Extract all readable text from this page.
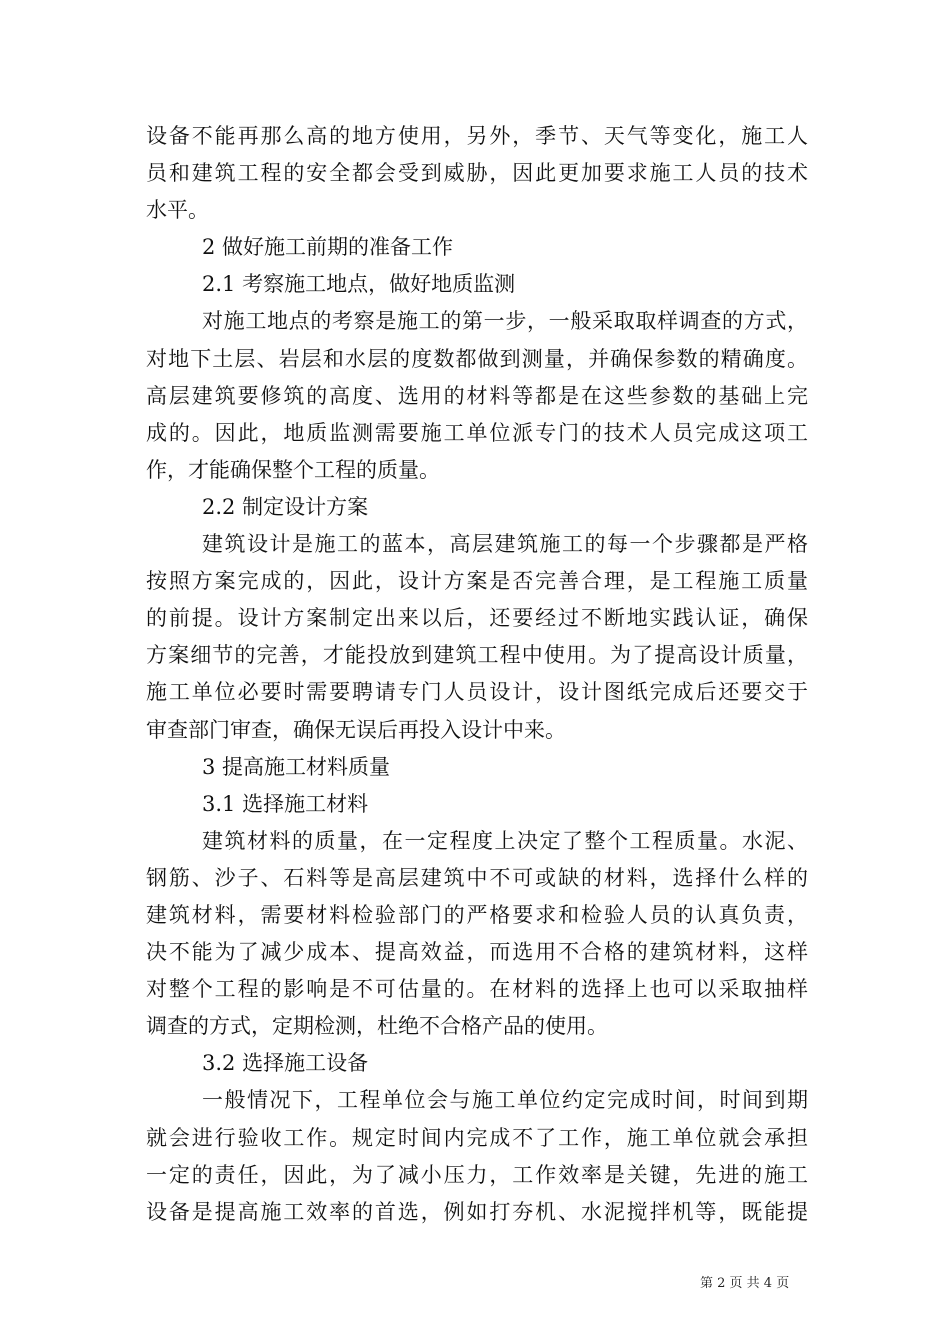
设备不能再那么高的地方使用，另外，季节、天气等变化，施工人
员和建筑工程的安全都会受到威胁，因此更加要求施工人员的技术
水平。
2 做好施工前期的准备工作
2.1 考察施工地点，做好地质监测
对施工地点的考察是施工的第一步，一般采取取样调查的方式，
对地下土层、岩层和水层的度数都做到测量，并确保参数的精确度。
高层建筑要修筑的高度、选用的材料等都是在这些参数的基础上完
成的。因此，地质监测需要施工单位派专门的技术人员完成这项工
作，才能确保整个工程的质量。
2.2 制定设计方案
建筑设计是施工的蓝本，高层建筑施工的每一个步骤都是严格
按照方案完成的，因此，设计方案是否完善合理，是工程施工质量
的前提。设计方案制定出来以后，还要经过不断地实践认证，确保
方案细节的完善，才能投放到建筑工程中使用。为了提高设计质量，
施工单位必要时需要聘请专门人员设计，设计图纸完成后还要交于
审查部门审查，确保无误后再投入设计中来。
3 提高施工材料质量
3.1 选择施工材料
建筑材料的质量，在一定程度上决定了整个工程质量。水泥、
钢筋、沙子、石料等是高层建筑中不可或缺的材料，选择什么样的
建筑材料，需要材料检验部门的严格要求和检验人员的认真负责，
决不能为了减少成本、提高效益，而选用不合格的建筑材料，这样
对整个工程的影响是不可估量的。在材料的选择上也可以采取抽样
调查的方式，定期检测，杜绝不合格产品的使用。
3.2 选择施工设备
一般情况下，工程单位会与施工单位约定完成时间，时间到期
就会进行验收工作。规定时间内完成不了工作，施工单位就会承担
一定的责任，因此，为了减小压力，工作效率是关键，先进的施工
设备是提高施工效率的首选，例如打夯机、水泥搅拌机等，既能提
第 2 页 共 4 页
